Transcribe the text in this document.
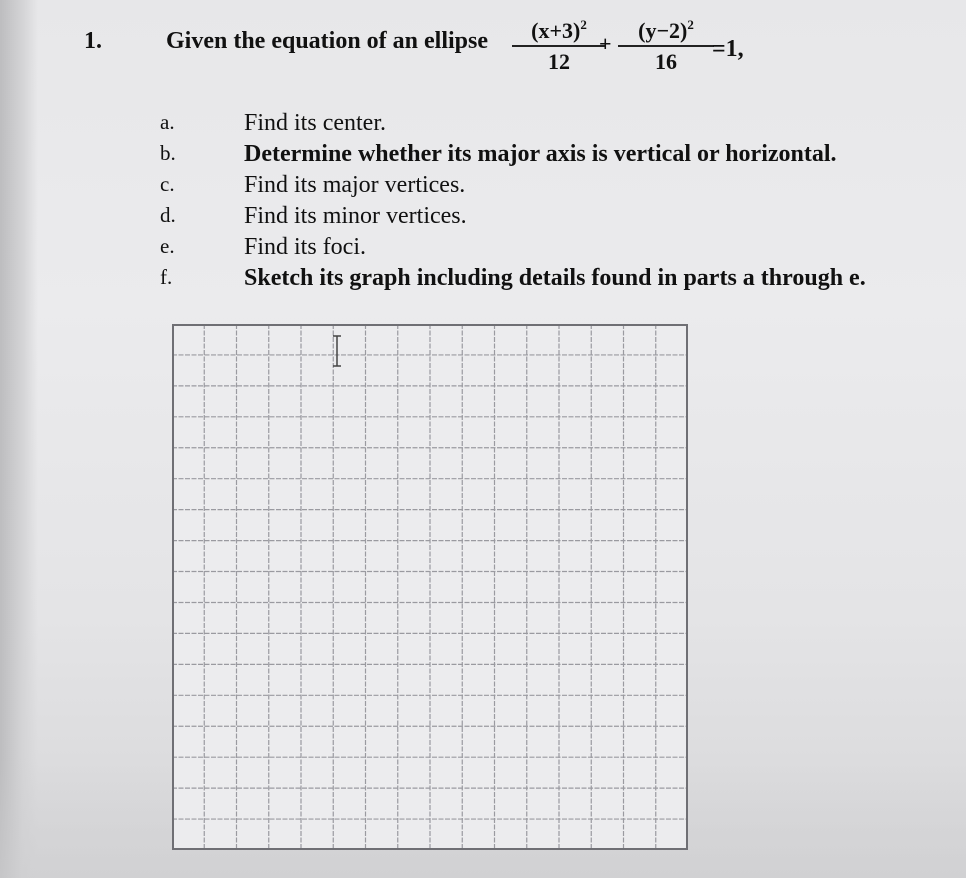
1.	Given the equation of an ellipse	$(x+3)^2$
12
+
$(y-2)^2$
16	=1,
a.	Find its center.
b.	Determine whether its major axis is vertical or horizontal.
c.	Find its major vertices.
d.	Find its minor vertices.
e.	Find its foci.
f.	Sketch its graph including details found in parts a through e.
